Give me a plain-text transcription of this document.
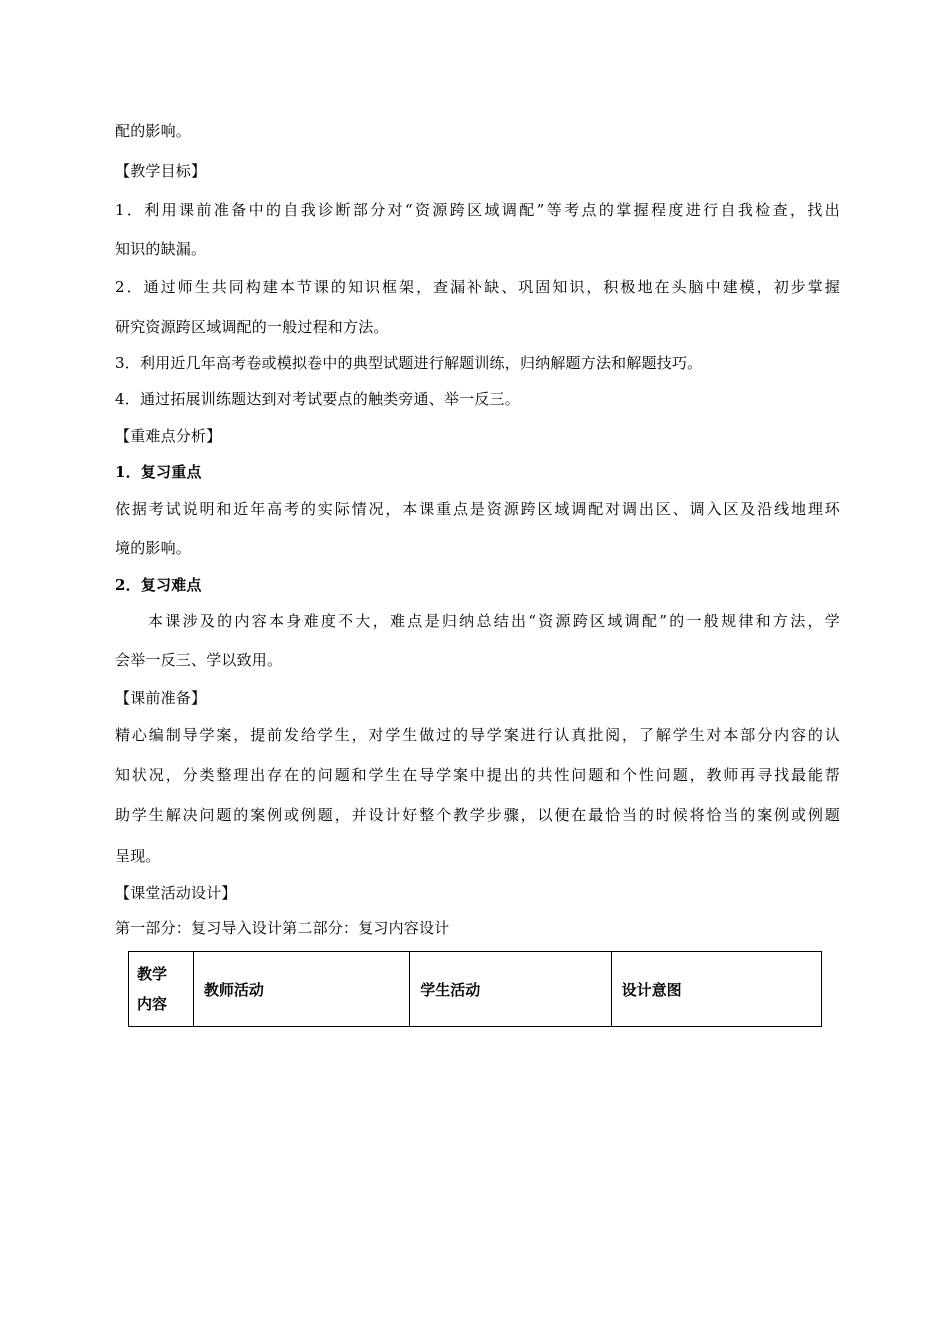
配的影响。
【教学目标】
1．利用课前准备中的自我诊断部分对“资源跨区域调配”等考点的掌握程度进行自我检查，找出
知识的缺漏。
2．通过师生共同构建本节课的知识框架，查漏补缺、巩固知识，积极地在头脑中建模，初步掌握
研究资源跨区域调配的一般过程和方法。
3．利用近几年高考卷或模拟卷中的典型试题进行解题训练，归纳解题方法和解题技巧。
4．通过拓展训练题达到对考试要点的触类旁通、举一反三。
【重难点分析】
1．复习重点
依据考试说明和近年高考的实际情况，本课重点是资源跨区域调配对调出区、调入区及沿线地理环
境的影响。
2．复习难点
本课涉及的内容本身难度不大，难点是归纳总结出“资源跨区域调配”的一般规律和方法，学
会举一反三、学以致用。
【课前准备】
精心编制导学案，提前发给学生，对学生做过的导学案进行认真批阅，了解学生对本部分内容的认
知状况，分类整理出存在的问题和学生在导学案中提出的共性问题和个性问题，教师再寻找最能帮
助学生解决问题的案例或例题，并设计好整个教学步骤，以便在最恰当的时候将恰当的案例或例题
呈现。
【课堂活动设计】
第一部分：复习导入设计第二部分：复习内容设计
教学
内容
	教师活动	学生活动	设计意图
